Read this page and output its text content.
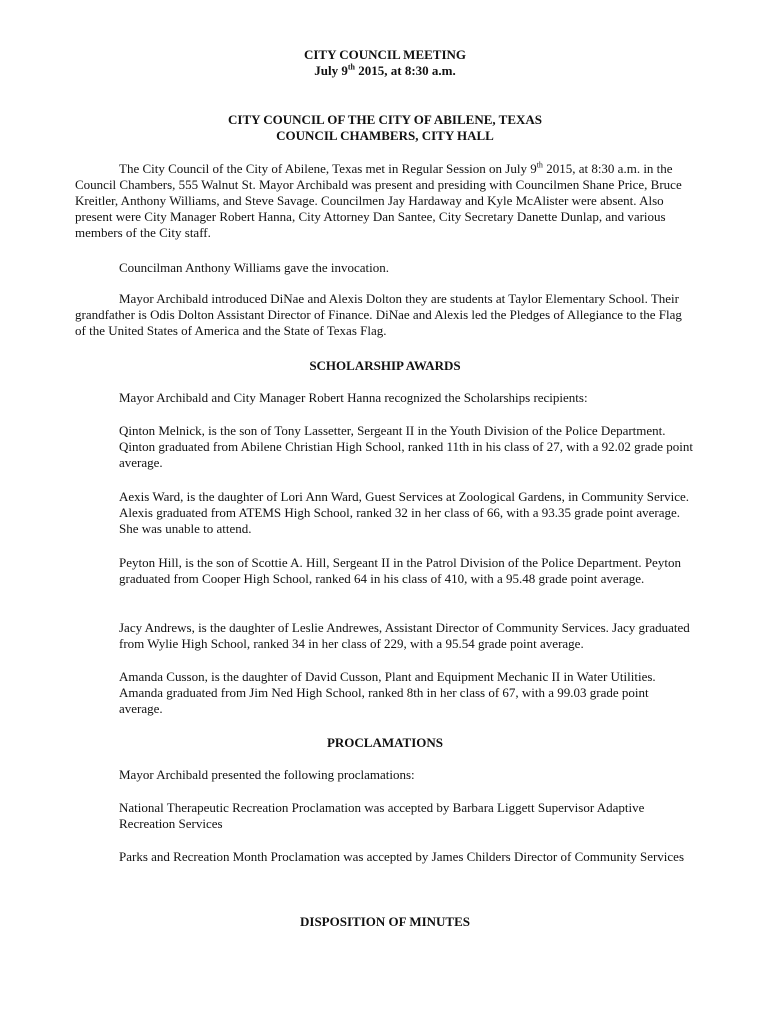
CITY COUNCIL MEETING
July 9th 2015, at 8:30 a.m.
CITY COUNCIL OF THE CITY OF ABILENE, TEXAS
COUNCIL CHAMBERS, CITY HALL

The City Council of the City of Abilene, Texas met in Regular Session on July 9th 2015, at 8:30 a.m. in the Council Chambers, 555 Walnut St. Mayor Archibald was present and presiding with Councilmen Shane Price, Bruce Kreitler, Anthony Williams, and Steve Savage. Councilmen Jay Hardaway and Kyle McAlister were absent. Also present were City Manager Robert Hanna, City Attorney Dan Santee, City Secretary Danette Dunlap, and various members of the City staff.

Councilman Anthony Williams gave the invocation.

Mayor Archibald introduced DiNae and Alexis Dolton they are students at Taylor Elementary School. Their grandfather is Odis Dolton Assistant Director of Finance. DiNae and Alexis led the Pledges of Allegiance to the Flag of the United States of America and the State of Texas Flag.

SCHOLARSHIP AWARDS

Mayor Archibald and City Manager Robert Hanna recognized the Scholarships recipients:

Qinton Melnick, is the son of Tony Lassetter, Sergeant II in the Youth Division of the Police Department. Qinton graduated from Abilene Christian High School, ranked 11th in his class of 27, with a 92.02 grade point average.

Aexis Ward, is the daughter of Lori Ann Ward, Guest Services at Zoological Gardens, in Community Service. Alexis graduated from ATEMS High School, ranked 32 in her class of 66, with a 93.35 grade point average. She was unable to attend.

Peyton Hill, is the son of Scottie A. Hill, Sergeant II in the Patrol Division of the Police Department. Peyton graduated from Cooper High School, ranked 64 in his class of 410, with a 95.48 grade point average.

Jacy Andrews, is the daughter of Leslie Andrewes, Assistant Director of Community Services. Jacy graduated from Wylie High School, ranked 34 in her class of 229, with a 95.54 grade point average.

Amanda Cusson, is the daughter of David Cusson, Plant and Equipment Mechanic II in Water Utilities. Amanda graduated from Jim Ned High School, ranked 8th in her class of 67, with a 99.03 grade point average.

PROCLAMATIONS

Mayor Archibald presented the following proclamations:

National Therapeutic Recreation Proclamation was accepted by Barbara Liggett Supervisor Adaptive Recreation Services

Parks and Recreation Month Proclamation was accepted by James Childers Director of Community Services

DISPOSITION OF MINUTES
